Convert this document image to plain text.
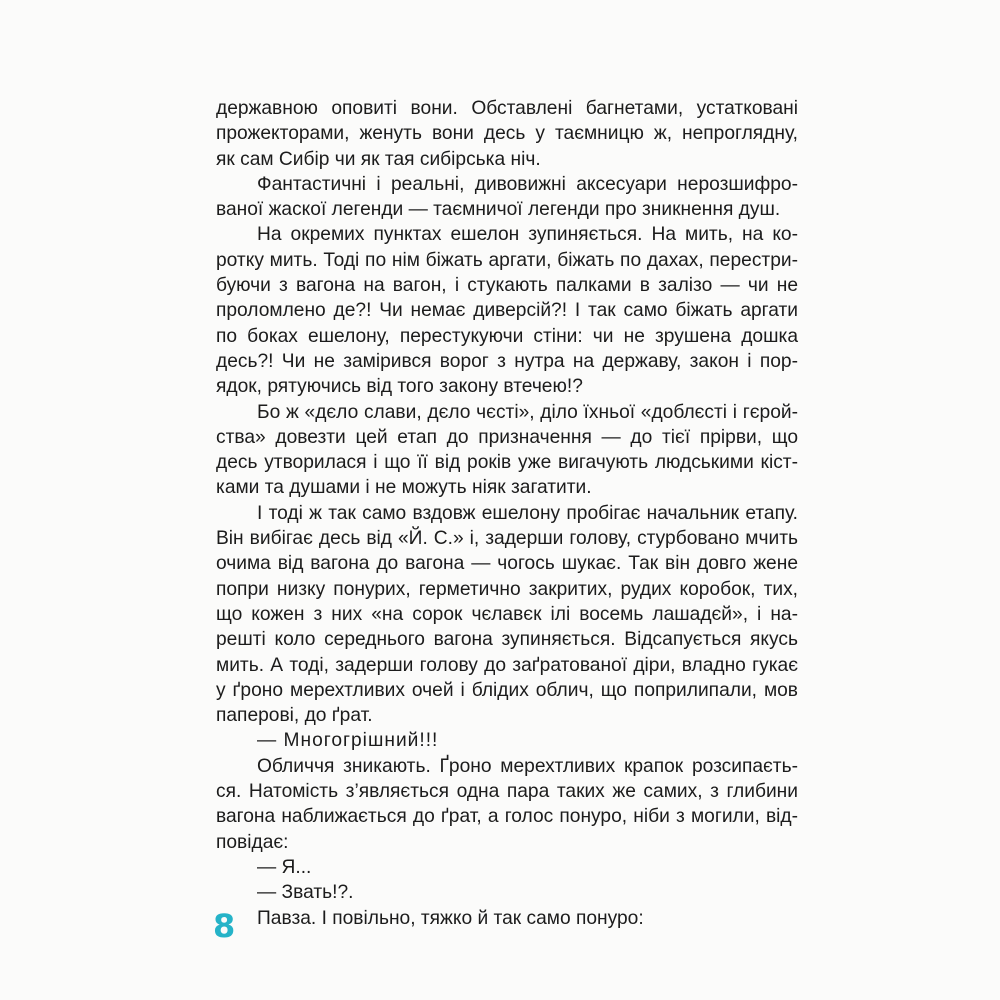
державною оповиті вони. Обставлені багнетами, устатковані
прожекторами, женуть вони десь у таємницю ж, непроглядну,
як сам Сибір чи як тая сибірська ніч.
Фантастичні і реальні, дивовижні аксесуари нерозшифро-
ваної жаскої легенди — таємничої легенди про зникнення душ.
На окремих пунктах ешелон зупиняється. На мить, на ко-
ротку мить. Тоді по нім біжать аргати, біжать по дахах, перестри-
буючи з вагона на вагон, і стукають палками в залізо — чи не
проломлено де?! Чи немає диверсій?! І так само біжать аргати
по боках ешелону, перестукуючи стіни: чи не зрушена дошка
десь?! Чи не замірився ворог з нутра на державу, закон і пор-
ядок, рятуючись від того закону втечею!?
Бо ж «дєло слави, дєло чєсті», діло їхньої «доблєсті і гєрой-
ства» довезти цей етап до призначення — до тієї прірви, що
десь утворилася і що її від років уже вигачують людськими кіст-
ками та душами і не можуть ніяк загатити.
І тоді ж так само вздовж ешелону пробігає начальник етапу.
Він вибігає десь від «Й. С.» і, задерши голову, стурбовано мчить
очима від вагона до вагона — чогось шукає. Так він довго жене
попри низку понурих, герметично закритих, рудих коробок, тих,
що кожен з них «на сорок чєлавєк ілі восемь лашадєй», і на-
решті коло середнього вагона зупиняється. Відсапується якусь
мить. А тоді, задерши голову до заґратованої діри, владно гукає
у ґроно мерехтливих очей і блідих облич, що поприлипали, мов
паперові, до ґрат.
— Многогрішний!!!
Обличчя зникають. Ґроно мерехтливих крапок розсипаєть-
ся. Натомість з’являється одна пара таких же самих, з глибини
вагона наближається до ґрат, а голос понуро, ніби з могили, від-
повідає:
— Я...
— Звать!?.
Павза. І повільно, тяжко й так само понуро:
8
